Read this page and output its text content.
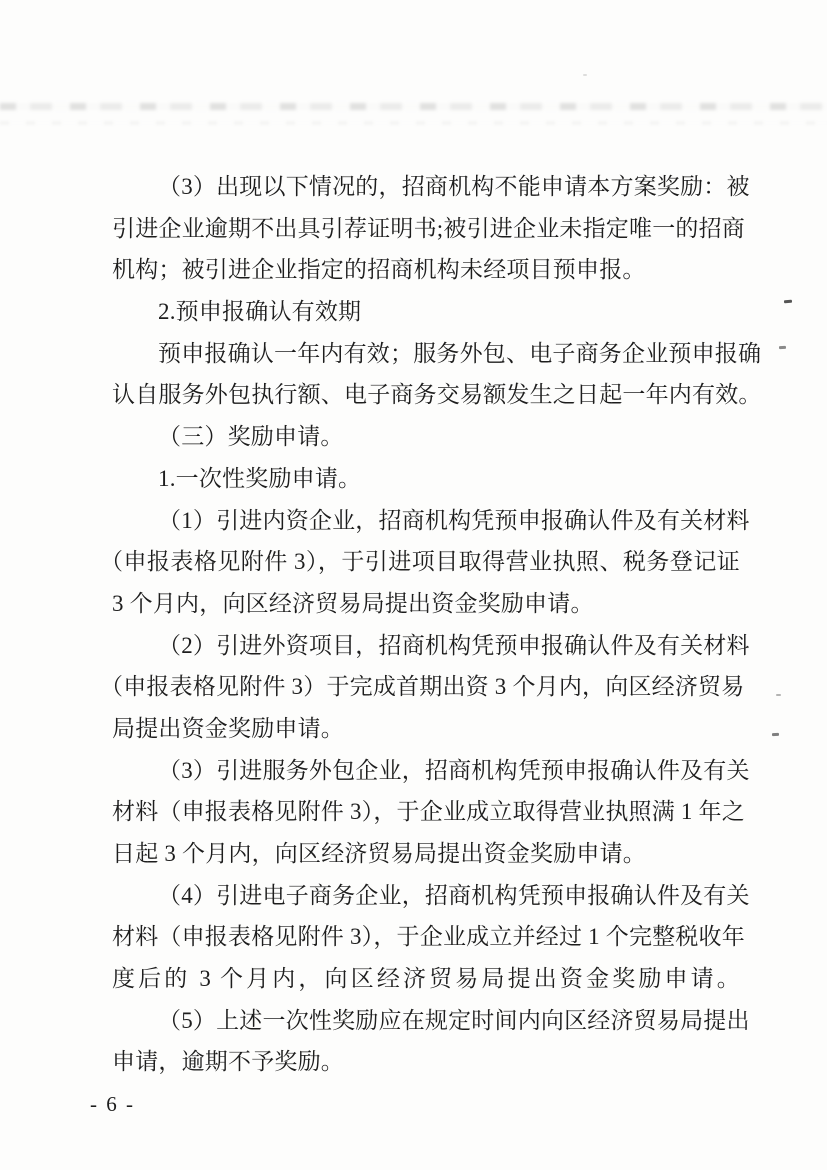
（3）出现以下情况的，招商机构不能申请本方案奖励：被
引进企业逾期不出具引荐证明书;被引进企业未指定唯一的招商
机构；被引进企业指定的招商机构未经项目预申报。
2.预申报确认有效期
预申报确认一年内有效；服务外包、电子商务企业预申报确
认自服务外包执行额、电子商务交易额发生之日起一年内有效。
（三）奖励申请。
1.一次性奖励申请。
（1）引进内资企业，招商机构凭预申报确认件及有关材料
（申报表格见附件 3），于引进项目取得营业执照、税务登记证
3 个月内，向区经济贸易局提出资金奖励申请。
（2）引进外资项目，招商机构凭预申报确认件及有关材料
（申报表格见附件 3）于完成首期出资 3 个月内，向区经济贸易
局提出资金奖励申请。
（3）引进服务外包企业，招商机构凭预申报确认件及有关
材料（申报表格见附件 3），于企业成立取得营业执照满 1 年之
日起 3 个月内，向区经济贸易局提出资金奖励申请。
（4）引进电子商务企业，招商机构凭预申报确认件及有关
材料（申报表格见附件 3），于企业成立并经过 1 个完整税收年
度后的 3 个月内，向区经济贸易局提出资金奖励申请。
（5）上述一次性奖励应在规定时间内向区经济贸易局提出
申请，逾期不予奖励。
- 6 -
